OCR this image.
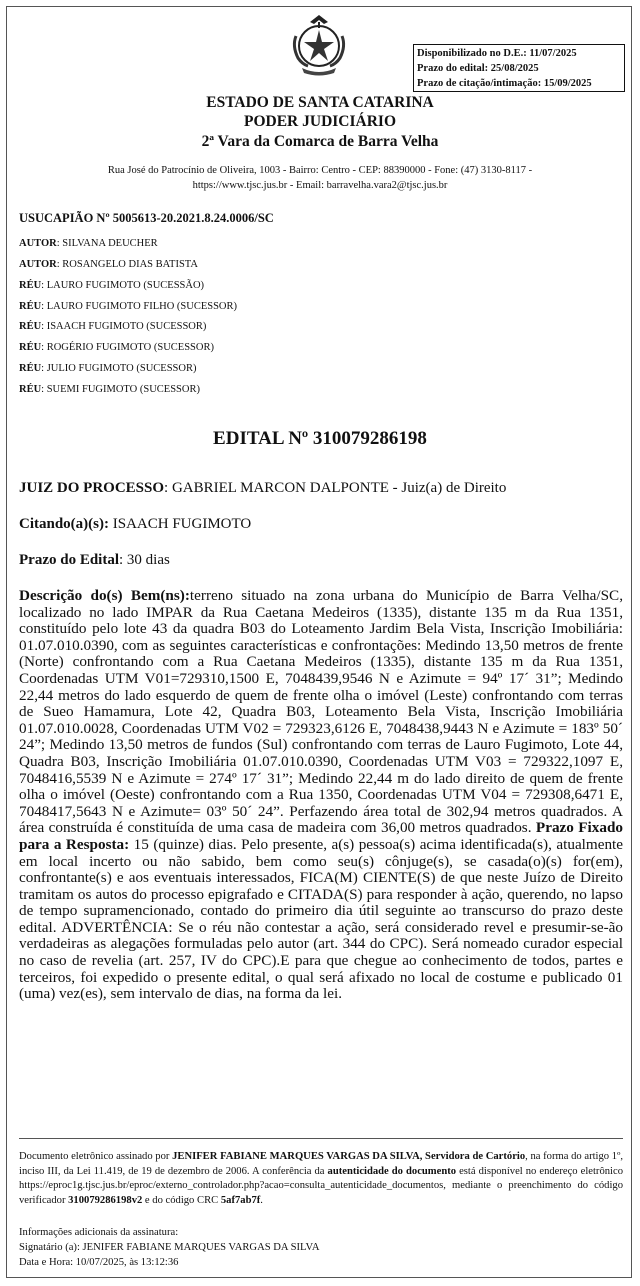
Disponibilizado no D.E.: 11/07/2025
Prazo do edital: 25/08/2025
Prazo de citação/intimação: 15/09/2025
ESTADO DE SANTA CATARINA
PODER JUDICIÁRIO
2ª Vara da Comarca de Barra Velha
Rua José do Patrocínio de Oliveira, 1003 - Bairro: Centro - CEP: 88390000 - Fone: (47) 3130-8117 -
https://www.tjsc.jus.br - Email: barravelha.vara2@tjsc.jus.br
USUCAPIÃO Nº 5005613-20.2021.8.24.0006/SC
AUTOR: SILVANA DEUCHER
AUTOR: ROSANGELO DIAS BATISTA
RÉU: LAURO FUGIMOTO (SUCESSÃO)
RÉU: LAURO FUGIMOTO FILHO (SUCESSOR)
RÉU: ISAACH FUGIMOTO (SUCESSOR)
RÉU: ROGÉRIO FUGIMOTO (SUCESSOR)
RÉU: JULIO FUGIMOTO (SUCESSOR)
RÉU: SUEMI FUGIMOTO (SUCESSOR)
EDITAL Nº 310079286198
JUIZ DO PROCESSO: GABRIEL MARCON DALPONTE - Juiz(a) de Direito
Citando(a)(s): ISAACH FUGIMOTO
Prazo do Edital: 30 dias

Descrição do(s) Bem(ns):terreno situado na zona urbana do Município de Barra Velha/SC, localizado no lado IMPAR da Rua Caetana Medeiros (1335), distante 135 m da Rua 1351, constituído pelo lote 43 da quadra B03 do Loteamento Jardim Bela Vista, Inscrição Imobiliária: 01.07.010.0390, com as seguintes características e confrontações: Medindo 13,50 metros de frente (Norte) confrontando com a Rua Caetana Medeiros (1335), distante 135 m da Rua 1351, Coordenadas UTM V01=729310,1500 E, 7048439,9546 N e Azimute = 94º 17´ 31”; Medindo 22,44 metros do lado esquerdo de quem de frente olha o imóvel (Leste) confrontando com terras de Sueo Hamamura, Lote 42, Quadra B03, Loteamento Bela Vista, Inscrição Imobiliária 01.07.010.0028, Coordenadas UTM V02 = 729323,6126 E, 7048438,9443 N e Azimute = 183º 50´ 24”; Medindo 13,50 metros de fundos (Sul) confrontando com terras de Lauro Fugimoto, Lote 44, Quadra B03, Inscrição Imobiliária 01.07.010.0390, Coordenadas UTM V03 = 729322,1097 E, 7048416,5539 N e Azimute = 274º 17´ 31”; Medindo 22,44 m do lado direito de quem de frente olha o imóvel (Oeste) confrontando com a Rua 1350, Coordenadas UTM V04 = 729308,6471 E, 7048417,5643 N e Azimute= 03º 50´ 24”. Perfazendo área total de 302,94 metros quadrados. A área construída é constituída de uma casa de madeira com 36,00 metros quadrados. Prazo Fixado para a Resposta: 15 (quinze) dias. Pelo presente, a(s) pessoa(s) acima identificada(s), atualmente em local incerto ou não sabido, bem como seu(s) cônjuge(s), se casada(o)(s) for(em), confrontante(s) e aos eventuais interessados, FICA(M) CIENTE(S) de que neste Juízo de Direito tramitam os autos do processo epigrafado e CITADA(S) para responder à ação, querendo, no lapso de tempo supramencionado, contado do primeiro dia útil seguinte ao transcurso do prazo deste edital. ADVERTÊNCIA: Se o réu não contestar a ação, será considerado revel e presumir-se-ão verdadeiras as alegações formuladas pelo autor (art. 344 do CPC). Será nomeado curador especial no caso de revelia (art. 257, IV do CPC).E para que chegue ao conhecimento de todos, partes e terceiros, foi expedido o presente edital, o qual será afixado no local de costume e publicado 01 (uma) vez(es), sem intervalo de dias, na forma da lei.

Documento eletrônico assinado por JENIFER FABIANE MARQUES VARGAS DA SILVA, Servidora de Cartório, na forma do artigo 1º, inciso III, da Lei 11.419, de 19 de dezembro de 2006. A conferência da autenticidade do documento está disponível no endereço eletrônico https://eproc1g.tjsc.jus.br/eproc/externo_controlador.php?acao=consulta_autenticidade_documentos, mediante o preenchimento do código verificador 310079286198v2 e do código CRC 5af7ab7f.

Informações adicionais da assinatura:
Signatário (a): JENIFER FABIANE MARQUES VARGAS DA SILVA
Data e Hora: 10/07/2025, às 13:12:36
